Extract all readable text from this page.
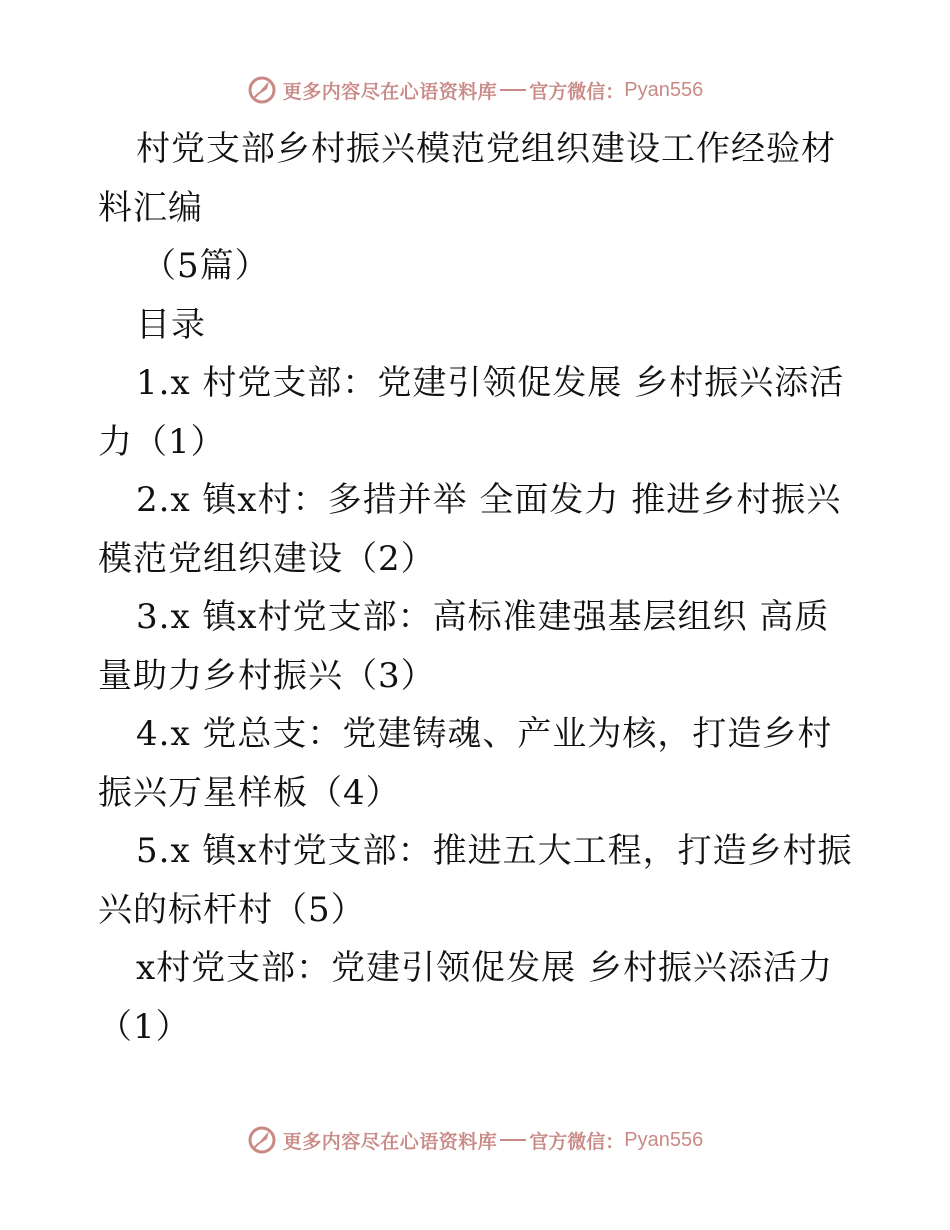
更多内容尽在心语资料库 官方微信： Pyan556

村党支部乡村振兴模范党组织建设工作经验材料汇编

（5篇）

目录

1.x 村党支部：党建引领促发展 乡村振兴添活力（1）

2.x 镇x村：多措并举 全面发力 推进乡村振兴模范党组织建设（2）

3.x 镇x村党支部：高标准建强基层组织 高质量助力乡村振兴（3）

4.x 党总支：党建铸魂、产业为核，打造乡村振兴万星样板（4）

5.x 镇x村党支部：推进五大工程，打造乡村振兴的标杆村（5）

x村党支部：党建引领促发展 乡村振兴添活力

（1）

更多内容尽在心语资料库 官方微信： Pyan556
